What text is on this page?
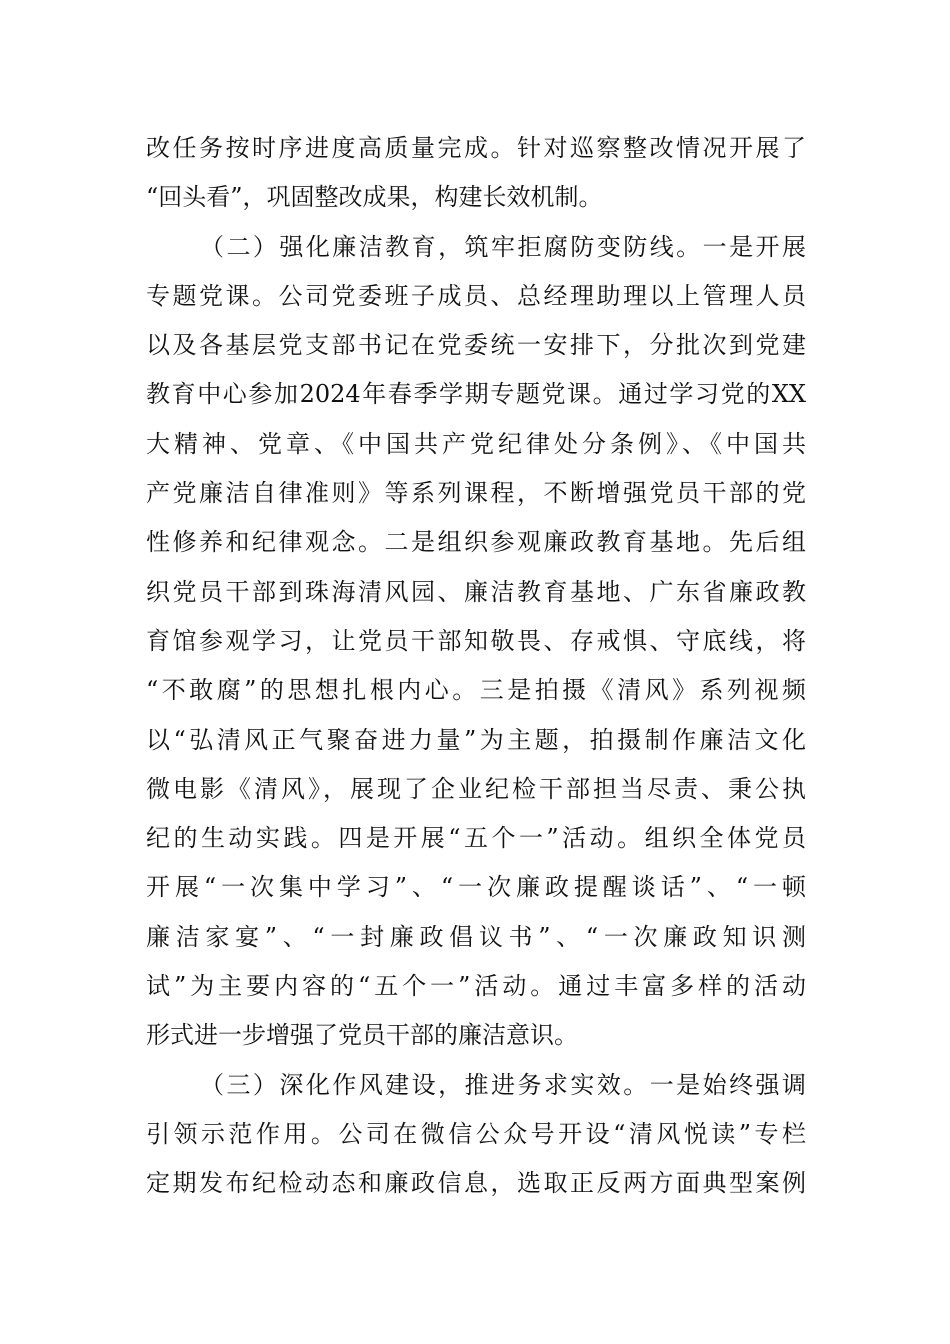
改任务按时序进度高质量完成。针对巡察整改情况开展了
“回头看”，巩固整改成果，构建长效机制。
（二）强化廉洁教育，筑牢拒腐防变防线。一是开展
专题党课。公司党委班子成员、总经理助理以上管理人员
以及各基层党支部书记在党委统一安排下，分批次到党建
教育中心参加2024年春季学期专题党课。通过学习党的XX
大精神、党章、《中国共产党纪律处分条例》、《中国共
产党廉洁自律准则》等系列课程，不断增强党员干部的党
性修养和纪律观念。二是组织参观廉政教育基地。先后组
织党员干部到珠海清风园、廉洁教育基地、广东省廉政教
育馆参观学习，让党员干部知敬畏、存戒惧、守底线，将
“不敢腐”的思想扎根内心。三是拍摄《清风》系列视频
以“弘清风正气聚奋进力量”为主题，拍摄制作廉洁文化
微电影《清风》，展现了企业纪检干部担当尽责、秉公执
纪的生动实践。四是开展“五个一”活动。组织全体党员
开展“一次集中学习”、“一次廉政提醒谈话”、“一顿
廉洁家宴”、“一封廉政倡议书”、“一次廉政知识测
试”为主要内容的“五个一”活动。通过丰富多样的活动
形式进一步增强了党员干部的廉洁意识。
（三）深化作风建设，推进务求实效。一是始终强调
引领示范作用。公司在微信公众号开设“清风悦读”专栏
定期发布纪检动态和廉政信息，选取正反两方面典型案例
